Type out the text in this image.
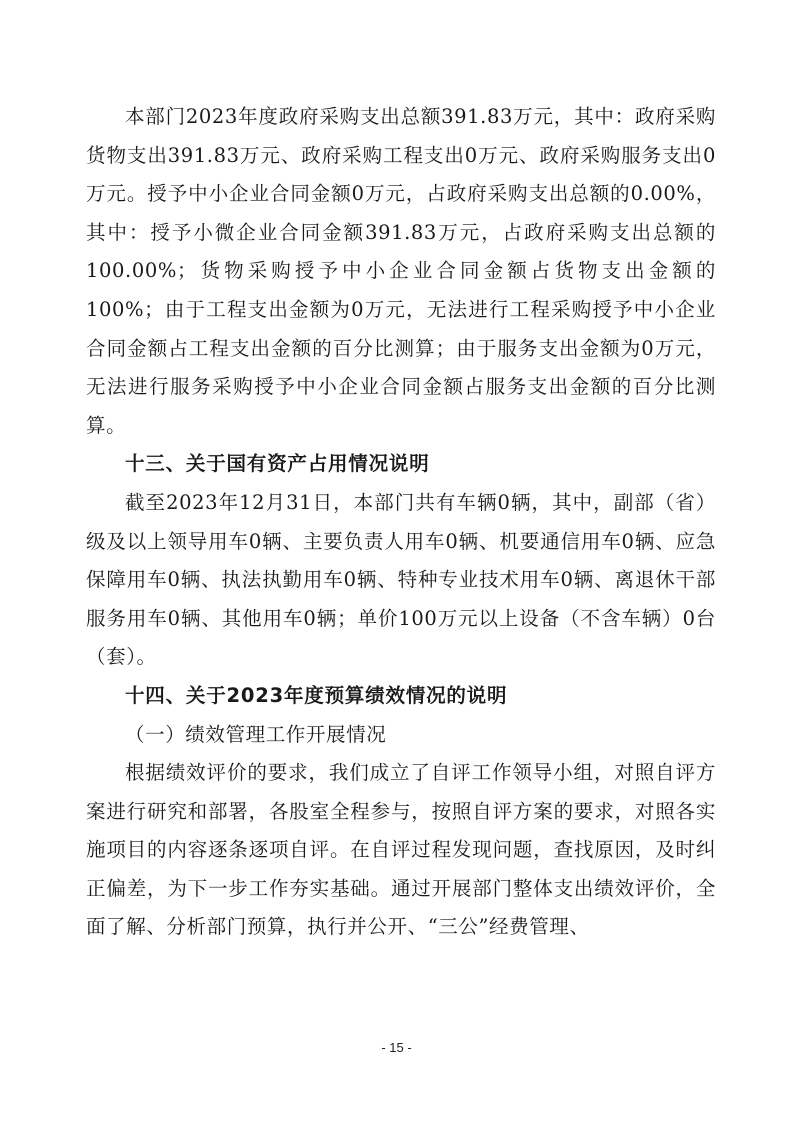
本部门2023年度政府采购支出总额391.83万元，其中：政府采购货物支出391.83万元、政府采购工程支出0万元、政府采购服务支出0万元。授予中小企业合同金额0万元，占政府采购支出总额的0.00%，其中：授予小微企业合同金额391.83万元，占政府采购支出总额的100.00%；货物采购授予中小企业合同金额占货物支出金额的100%；由于工程支出金额为0万元，无法进行工程采购授予中小企业合同金额占工程支出金额的百分比测算；由于服务支出金额为0万元，无法进行服务采购授予中小企业合同金额占服务支出金额的百分比测算。

十三、关于国有资产占用情况说明

截至2023年12月31日，本部门共有车辆0辆，其中，副部（省）级及以上领导用车0辆、主要负责人用车0辆、机要通信用车0辆、应急保障用车0辆、执法执勤用车0辆、特种专业技术用车0辆、离退休干部服务用车0辆、其他用车0辆；单价100万元以上设备（不含车辆）0台（套）。

十四、关于2023年度预算绩效情况的说明

（一）绩效管理工作开展情况

根据绩效评价的要求，我们成立了自评工作领导小组，对照自评方案进行研究和部署，各股室全程参与，按照自评方案的要求，对照各实施项目的内容逐条逐项自评。在自评过程发现问题，查找原因，及时纠正偏差，为下一步工作夯实基础。通过开展部门整体支出绩效评价，全面了解、分析部门预算，执行并公开、“三公”经费管理、

- 15 -
